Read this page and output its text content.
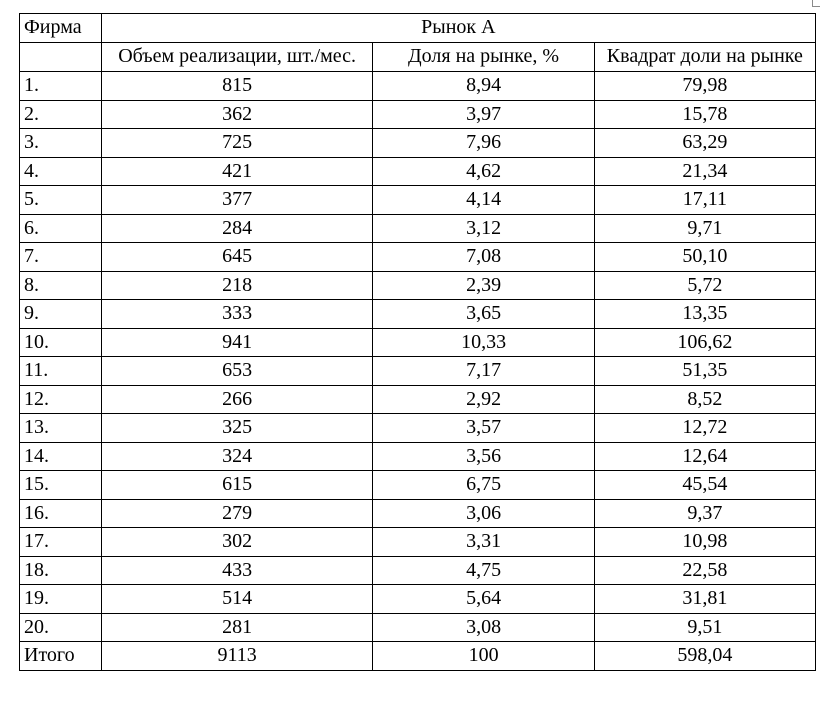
Фирма	Рынок А		
	Объем реализации, шт./мес.	Доля на рынке, %	Квадрат доли на рынке
1.	815	8,94	79,98
2.	362	3,97	15,78
3.	725	7,96	63,29
4.	421	4,62	21,34
5.	377	4,14	17,11
6.	284	3,12	9,71
7.	645	7,08	50,10
8.	218	2,39	5,72
9.	333	3,65	13,35
10.	941	10,33	106,62
11.	653	7,17	51,35
12.	266	2,92	8,52
13.	325	3,57	12,72
14.	324	3,56	12,64
15.	615	6,75	45,54
16.	279	3,06	9,37
17.	302	3,31	10,98
18.	433	4,75	22,58
19.	514	5,64	31,81
20.	281	3,08	9,51
Итого	9113	100	598,04
